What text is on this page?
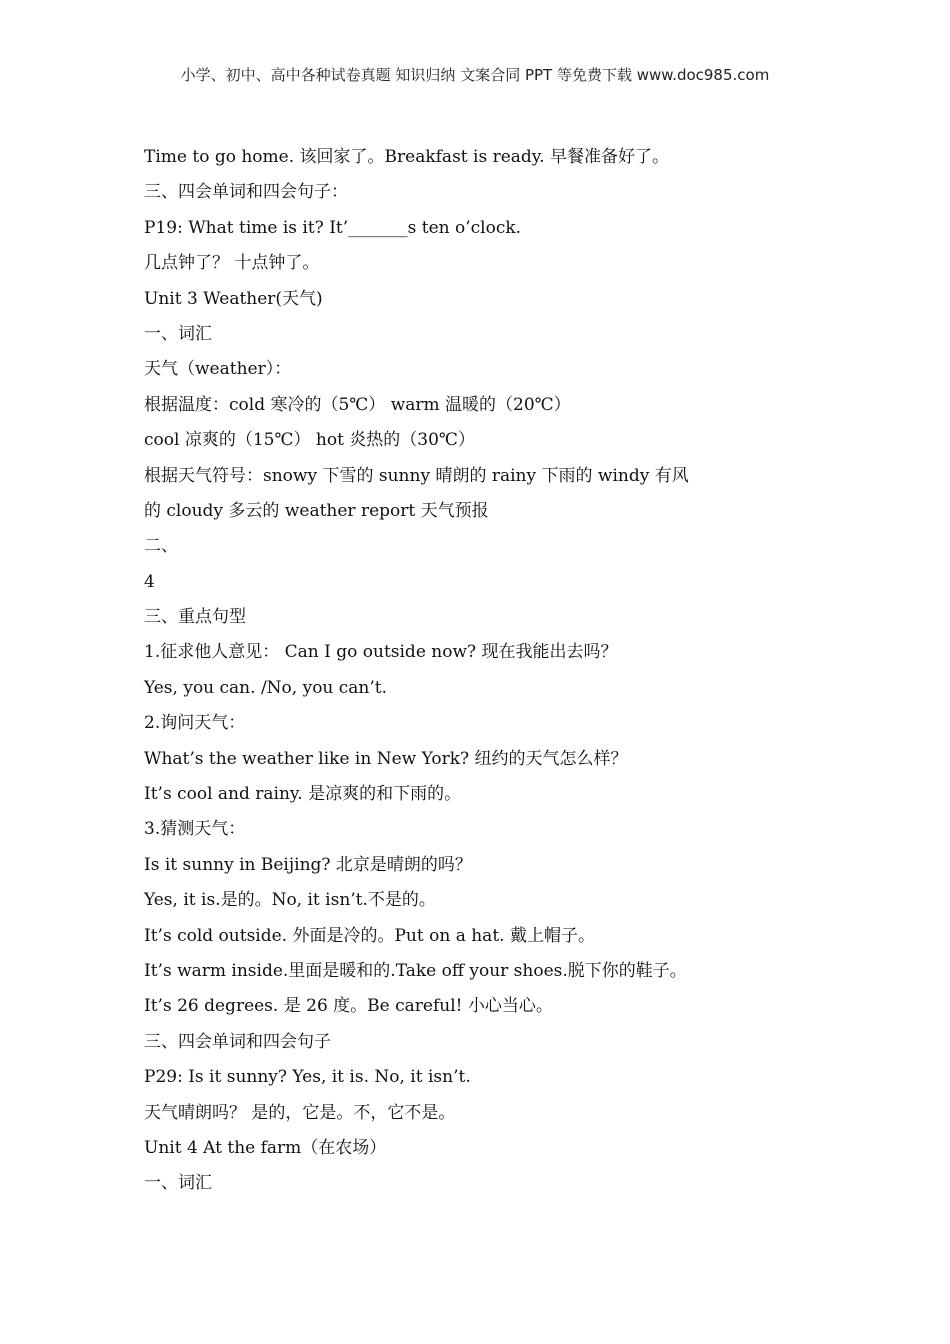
小学、初中、高中各种试卷真题 知识归纳 文案合同 PPT 等免费下载 www.doc985.com
Time to go home. 该回家了。Breakfast is ready. 早餐准备好了。
三、四会单词和四会句子：
P19: What time is it? It’_______s ten o’clock.
几点钟了？ 十点钟了。
Unit 3 Weather(天气)
一、词汇
天气（weather）：
根据温度：cold 寒冷的（5℃） warm 温暖的（20℃）
cool 凉爽的（15℃） hot 炎热的（30℃）
根据天气符号：snowy 下雪的 sunny 晴朗的 rainy 下雨的 windy 有风
的 cloudy 多云的 weather report 天气预报
二、
4
三、重点句型
1.征求他人意见： Can I go outside now? 现在我能出去吗？
Yes, you can. /No, you can’t.
2.询问天气：
What’s the weather like in New York? 纽约的天气怎么样？
It’s cool and rainy. 是凉爽的和下雨的。
3.猜测天气：
Is it sunny in Beijing? 北京是晴朗的吗？
Yes, it is.是的。No, it isn’t.不是的。
It’s cold outside. 外面是冷的。Put on a hat. 戴上帽子。
It’s warm inside.里面是暖和的.Take off your shoes.脱下你的鞋子。
It’s 26 degrees. 是 26 度。Be careful! 小心当心。
三、四会单词和四会句子
P29: Is it sunny? Yes, it is. No, it isn’t.
天气晴朗吗？ 是的，它是。不，它不是。
Unit 4 At the farm（在农场）
一、词汇
